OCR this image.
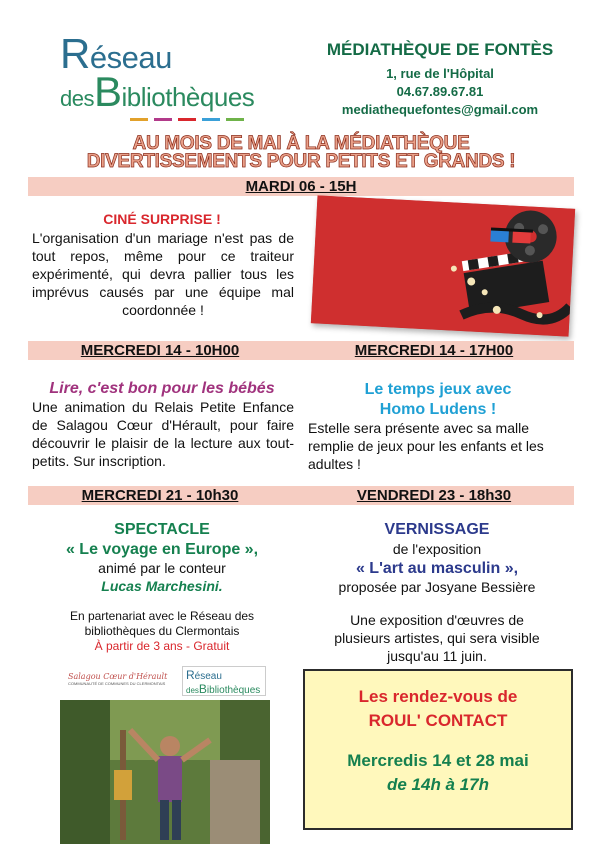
Réseau
desBibliothèques
MÉDIATHÈQUE DE FONTÈS
1, rue de l'Hôpital
04.67.89.67.81
mediathequefontes@gmail.com
AU MOIS DE MAI À LA MÉDIATHÈQUE
DIVERTISSEMENTS POUR PETITS ET GRANDS !
MARDI 06 - 15H
CINÉ SURPRISE !
L'organisation d'un mariage n'est pas de tout repos, même pour ce traiteur expérimenté, qui devra pallier tous les imprévus causés par une équipe mal coordonnée !
MERCREDI 14 - 10H00	MERCREDI 14 - 17H00
Lire, c'est bon pour les bébés
Une animation du Relais Petite Enfance de Salagou Cœur d'Hérault, pour faire découvrir le plaisir de la lecture aux tout-petits. Sur inscription.
Le temps jeux avec
Homo Ludens !
Estelle sera présente avec sa malle remplie de jeux pour les enfants et les adultes !
MERCREDI 21 - 10h30	VENDREDI 23 - 18h30
SPECTACLE
« Le voyage en Europe »,
animé par le conteur
Lucas Marchesini.
En partenariat avec le Réseau des
bibliothèques du Clermontais
À partir de 3 ans - Gratuit
Salagou Cœur d'Hérault
COMMUNAUTÉ DE COMMUNES DU CLERMONTAIS
Réseau
desBibliothèques
VERNISSAGE
de l'exposition
« L'art au masculin »,
proposée par Josyane Bessière
Une exposition d'œuvres de
plusieurs artistes, qui sera visible
jusqu'au 11 juin.
Les rendez-vous de
ROUL' CONTACT
Mercredis 14 et 28 mai
de 14h à 17h
